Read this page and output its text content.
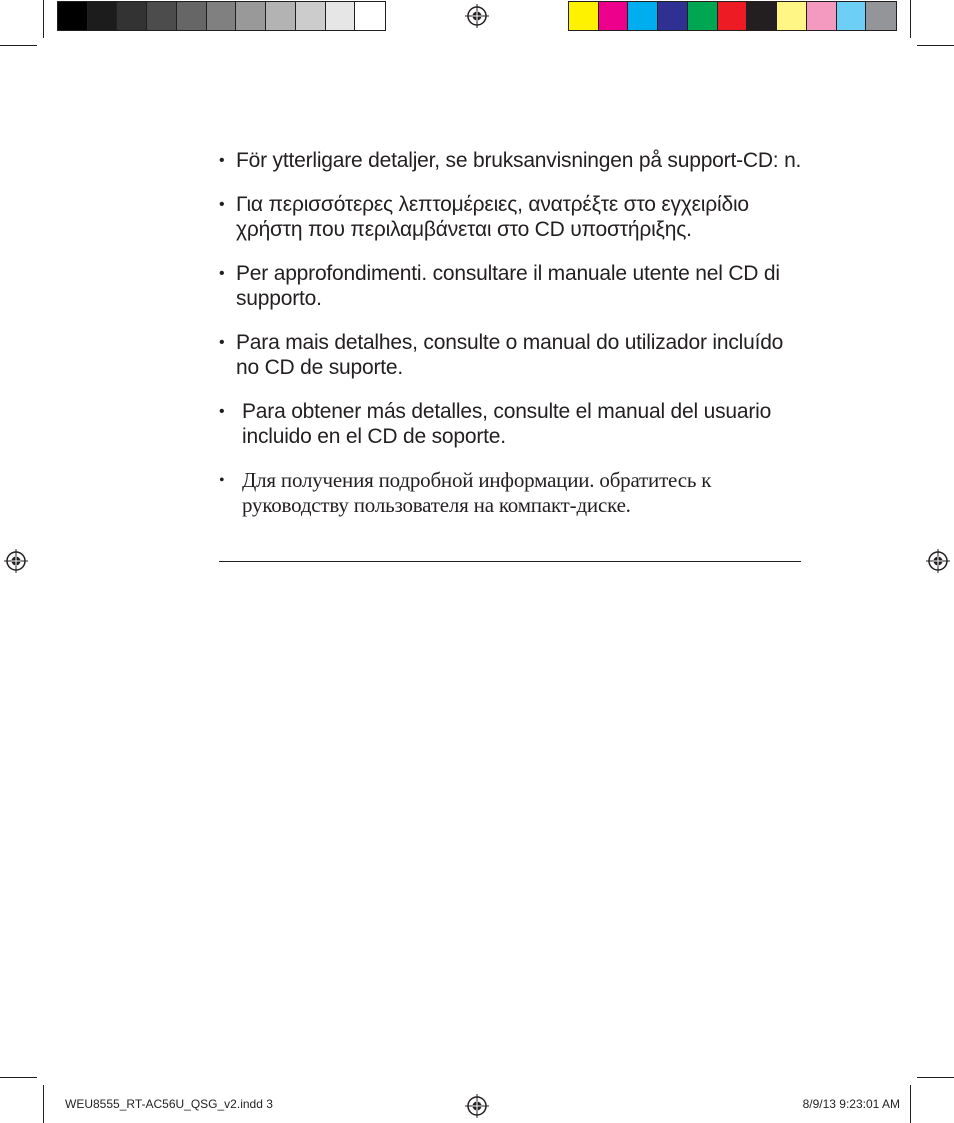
• För ytterligare detaljer, se bruksanvisningen på support-CD: n.
• Για περισσότερες λεπτομέρειες, ανατρέξτε στο εγχειρίδιο χρήστη που περιλαμβάνεται στο CD υποστήριξης.
• Per approfondimenti. consultare il manuale utente nel CD di supporto.
• Para mais detalhes, consulte o manual do utilizador incluído no CD de suporte.
• Para obtener más detalles, consulte el manual del usuario incluido en el CD de soporte.
• Для получения подробной информации. обратитесь к руководству пользователя на компакт-диске.
WEU8555_RT-AC56U_QSG_v2.indd 3	8/9/13 9:23:01 AM
